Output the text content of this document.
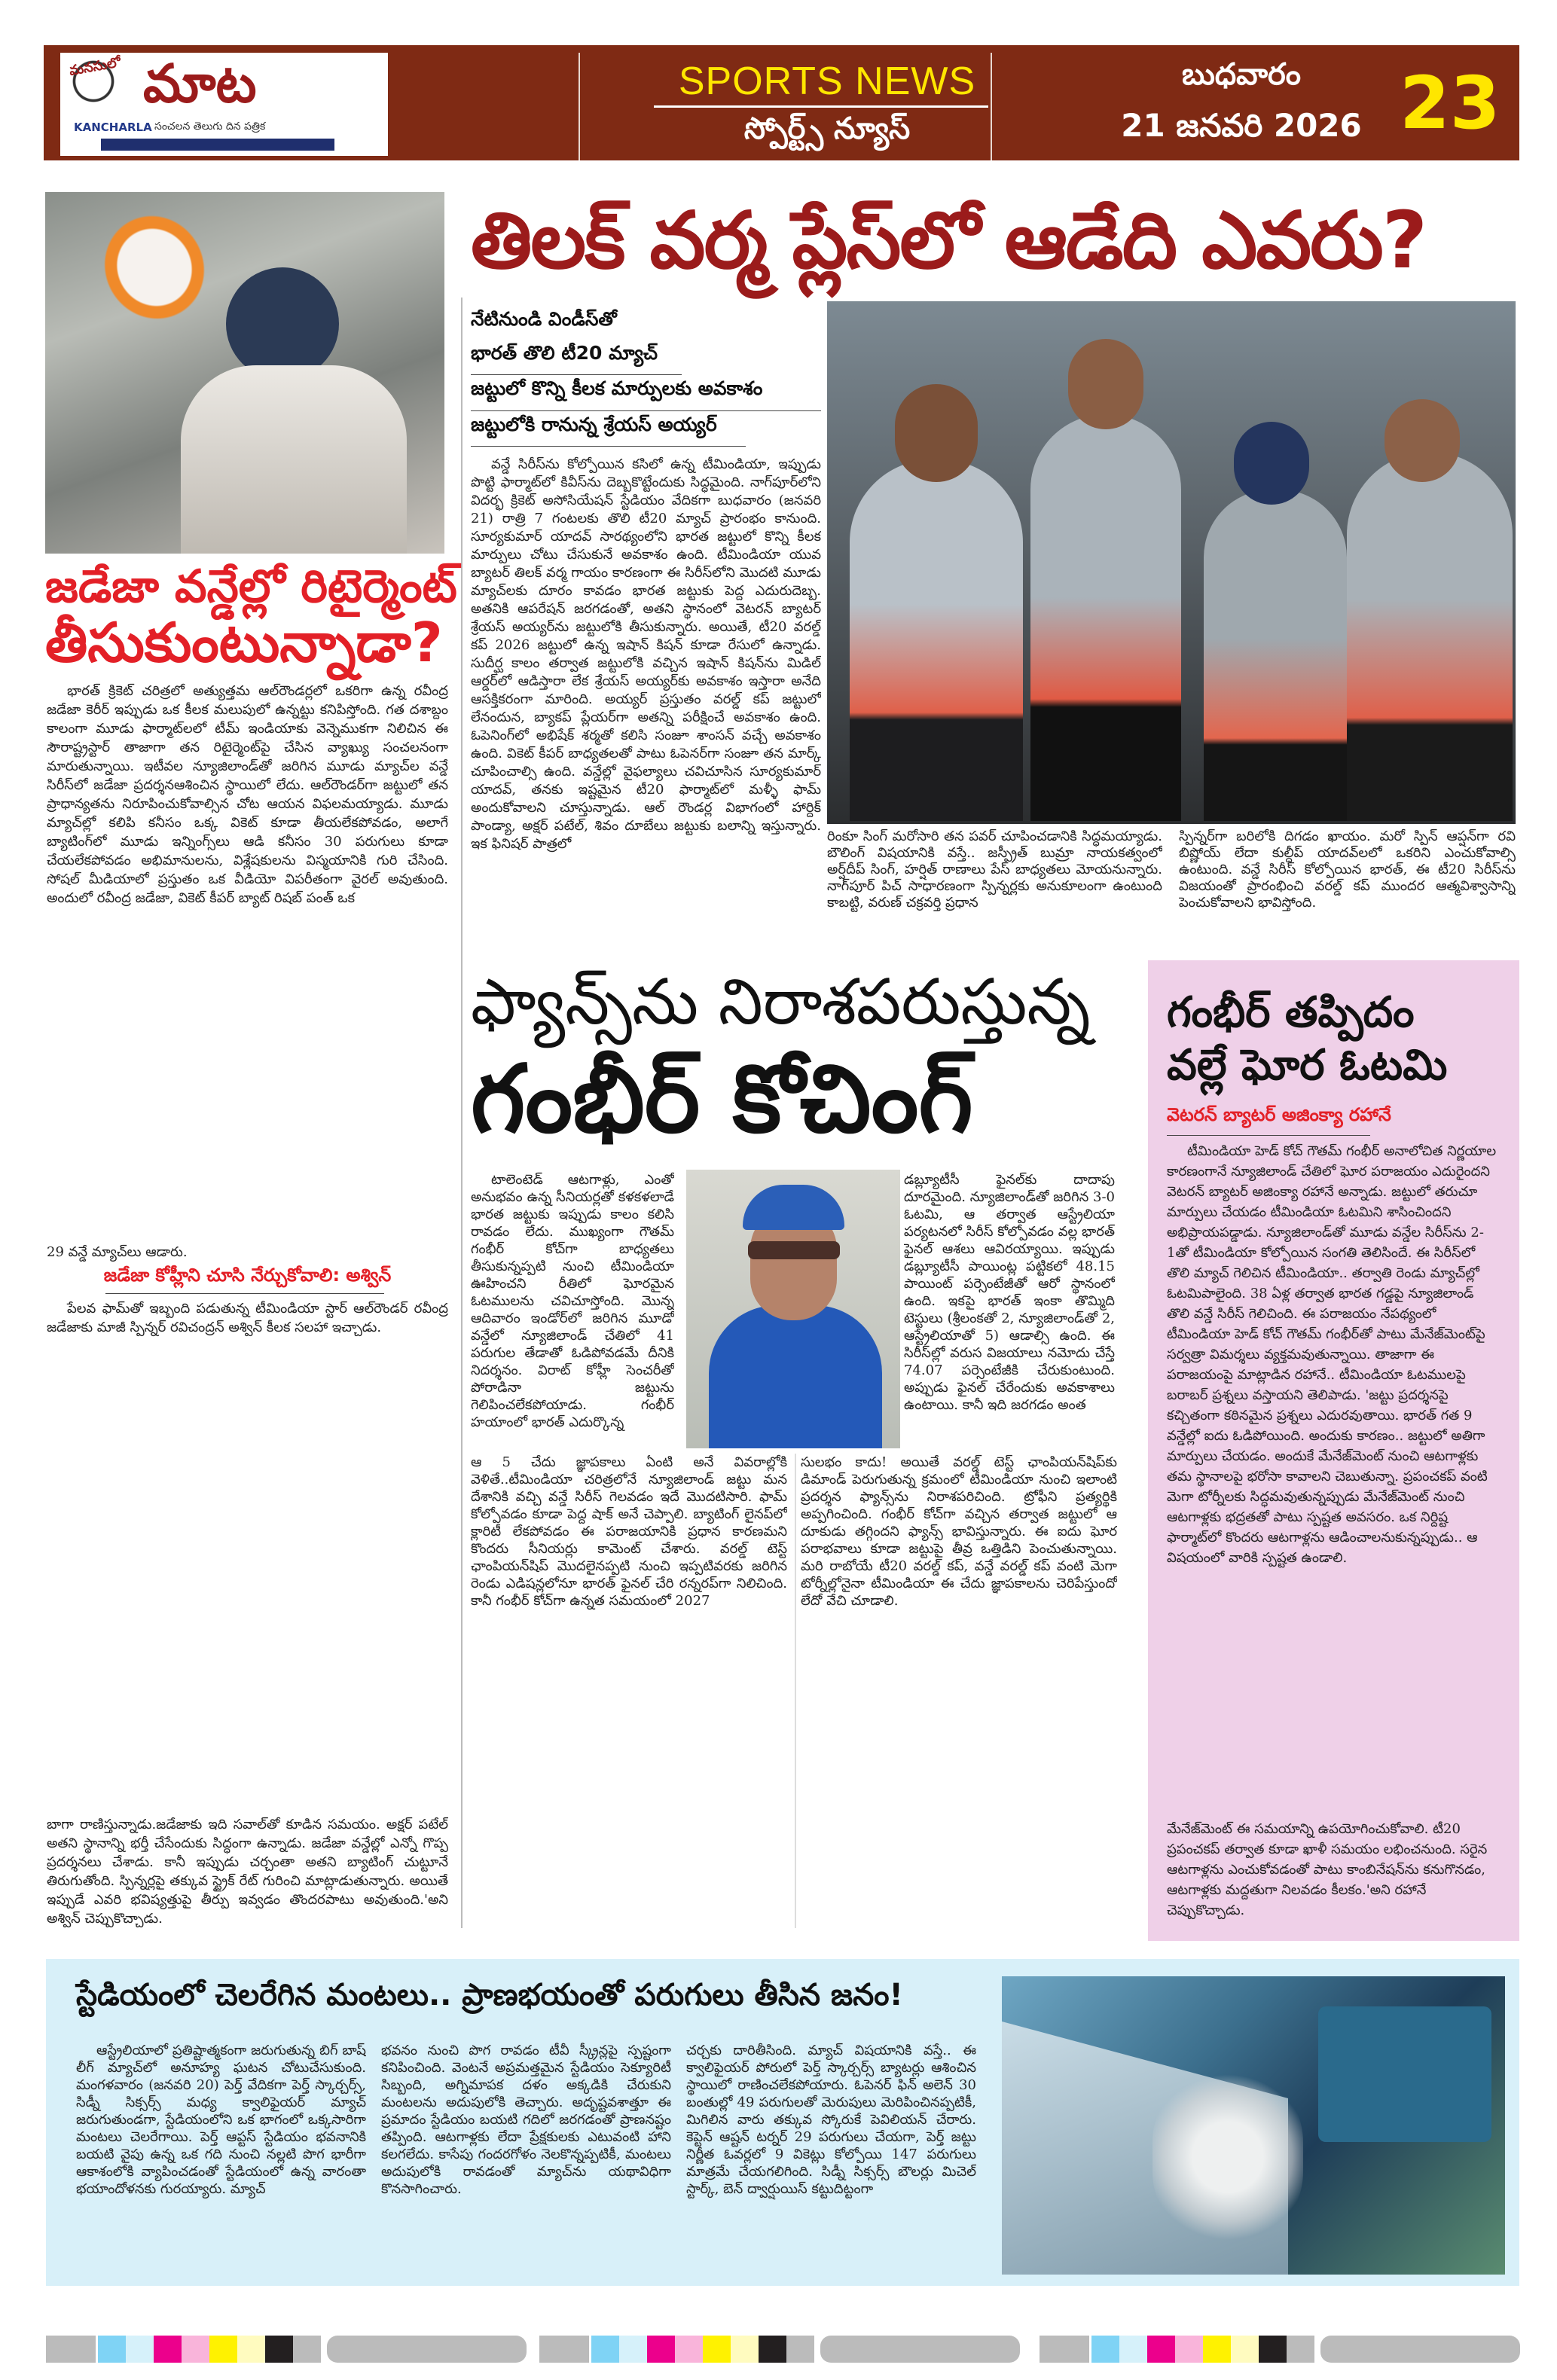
మనసులో మాట
KANCHARLA సంచలన తెలుగు దిన పత్రిక
SPORTS NEWS
స్పోర్ట్స్ న్యూస్
బుధవారం
21 జనవరి 2026 23
తిలక్ వర్మ ప్లేస్‌లో ఆడేది ఎవరు?
నేటినుండి విండీస్‌తో
భారత్ తొలి టీ20 మ్యాచ్
జట్టులో కొన్ని కీలక మార్పులకు అవకాశం
జట్టులోకి రానున్న శ్రేయస్ అయ్యర్

వన్డే సిరీస్‌ను కోల్పోయిన కసిలో ఉన్న టీమిండియా, ఇప్పుడు పొట్టి ఫార్మాట్‌లో కివీస్‌ను దెబ్బకొట్టేందుకు సిద్ధమైంది. నాగ్‌పూర్‌లోని విదర్భ క్రికెట్ అసోసియేషన్ స్టేడియం వేదికగా బుధవారం (జనవరి 21) రాత్రి 7 గంటలకు తొలి టీ20 మ్యాచ్ ప్రారంభం కానుంది. సూర్యకుమార్ యాదవ్ సారథ్యంలోని భారత జట్టులో కొన్ని కీలక మార్పులు చోటు చేసుకునే అవకాశం ఉంది. టీమిండియా యువ బ్యాటర్ తిలక్ వర్మ గాయం కారణంగా ఈ సిరీస్‌లోని మొదటి మూడు మ్యాచ్‌లకు దూరం కావడం భారత జట్టుకు పెద్ద ఎదురుదెబ్బ. అతనికి ఆపరేషన్ జరగడంతో, అతని స్థానంలో వెటరన్ బ్యాటర్ శ్రేయస్ అయ్యర్‌ను జట్టులోకి తీసుకున్నారు. అయితే, టీ20 వరల్డ్ కప్ 2026 జట్టులో ఉన్న ఇషాన్ కిషన్ కూడా రేసులో ఉన్నాడు. సుదీర్ఘ కాలం తర్వాత జట్టులోకి వచ్చిన ఇషాన్ కిషన్‌ను మిడిల్ ఆర్డర్‌లో ఆడిస్తారా లేక శ్రేయస్ అయ్యర్‌కు అవకాశం ఇస్తారా అనేది ఆసక్తికరంగా మారింది. అయ్యర్ ప్రస్తుతం వరల్డ్ కప్ జట్టులో లేనందున, బ్యాకప్ ప్లేయర్‌గా అతన్ని పరీక్షించే అవకాశం ఉంది. ఓపెనింగ్‌లో అభిషేక్ శర్మతో కలిసి సంజూ శాంసన్ వచ్చే అవకాశం ఉంది. వికెట్ కీపర్ బాధ్యతలతో పాటు ఓపెనర్‌గా సంజూ తన మార్క్ చూపించాల్సి ఉంది. వన్డేల్లో వైఫల్యాలు చవిచూసిన సూర్యకుమార్ యాదవ్, తనకు ఇష్టమైన టీ20 ఫార్మాట్‌లో మళ్ళీ ఫామ్ అందుకోవాలని చూస్తున్నాడు. ఆల్ రౌండర్ల విభాగంలో హార్దిక్ పాండ్యా, అక్షర్ పటేల్, శివం దూబేలు జట్టుకు బలాన్ని ఇస్తున్నారు. ఇక ఫినిషర్ పాత్రలో	రింకూ సింగ్ మరోసారి తన పవర్ చూపించడానికి సిద్ధమయ్యాడు. బౌలింగ్ విషయానికి వస్తే.. జస్ప్రీత్ బుమ్రా నాయకత్వంలో అర్ష్‌దీప్ సింగ్, హర్షిత్ రాణాలు పేస్ బాధ్యతలు మోయనున్నారు. నాగ్‌పూర్ పిచ్ సాధారణంగా స్పిన్నర్లకు అనుకూలంగా ఉంటుంది కాబట్టి, వరుణ్ చక్రవర్తి ప్రధాన

స్పిన్నర్‌గా బరిలోకి దిగడం ఖాయం. మరో స్పిన్ ఆప్షన్‌గా రవి బిష్ణోయ్ లేదా కుల్దీప్ యాదవ్‌లలో ఒకరిని ఎంచుకోవాల్సి ఉంటుంది. వన్డే సిరీస్ కోల్పోయిన భారత్, ఈ టీ20 సిరీస్‌ను విజయంతో ప్రారంభించి వరల్డ్ కప్ ముందర ఆత్మవిశ్వాసాన్ని పెంచుకోవాలని భావిస్తోంది.

జడేజా వన్డేల్లో రిటైర్మెంట్
తీసుకుంటున్నాడా?

భారత్ క్రికెట్ చరిత్రలో అత్యుత్తమ ఆల్‌రౌండర్లలో ఒకరిగా ఉన్న రవీంద్ర జడేజా కెరీర్ ఇప్పుడు ఒక కీలక మలుపులో ఉన్నట్టు కనిపిస్తోంది. గత దశాబ్దం కాలంగా మూడు ఫార్మాట్‌లలో టీమ్ ఇండియాకు వెన్నెముకగా నిలిచిన ఈ సౌరాష్ట్రస్టార్ తాజాగా తన రిటైర్మెంట్‌పై చేసిన వ్యాఖ్యు సంచలనంగా మారుతున్నాయి. ఇటీవల న్యూజిలాండ్‌తో జరిగిన మూడు మ్యాచ్‌ల వన్డే సిరీస్‌లో జడేజా ప్రదర్శనఆశించిన స్థాయిలో లేదు. ఆల్‌రౌండర్‌గా జట్టులో తన ప్రాధాన్యతను నిరూపించుకోవాల్సిన చోట ఆయన విఫలమయ్యాడు. మూడు మ్యాచ్‌ల్లో కలిపి కనీసం ఒక్క వికెట్ కూడా తీయలేకపోవడం, అలాగే బ్యాటింగ్‌లో మూడు ఇన్నింగ్స్‌లు ఆడి కనీసం 30 పరుగులు కూడా చేయలేకపోవడం అభిమానులను, విశ్లేషకులను విస్మయానికి గురి చేసింది. సోషల్ మీడియాలో ప్రస్తుతం ఒక వీడియో విపరీతంగా వైరల్ అవుతుంది. అందులో రవీంద్ర జడేజా, వికెట్ కీపర్ బ్యాట్ రిషబ్ పంత్ ఒక

29 వన్డే మ్యాచ్‌లు ఆడారు.

జడేజా కోహ్లీని చూసి నేర్చుకోవాలి: అశ్విన్

పేలవ ఫామ్‌తో ఇబ్బంది పడుతున్న టీమిండియా స్టార్ ఆల్‌రౌండర్ రవీంద్ర జడేజాకు మాజీ స్పిన్నర్ రవిచంద్రన్ అశ్విన్ కీలక సలహా ఇచ్చాడు.

బాగా రాణిస్తున్నాడు.జడేజాకు ఇది సవాల్‌తో కూడిన సమయం. అక్షర్ పటేల్ అతని స్థానాన్ని భర్తీ చేసేందుకు సిద్ధంగా ఉన్నాడు. జడేజా వన్డేల్లో ఎన్నో గొప్ప ప్రదర్శనలు చేశాడు. కానీ ఇప్పుడు చర్చంతా అతని బ్యాటింగ్ చుట్టూనే తిరుగుతోంది. స్పిన్నర్లపై తక్కువ స్ట్రైక్ రేట్ గురించి మాట్లాడుతున్నారు. అయితే ఇప్పుడే ఎవరి భవిష్యత్తుపై తీర్పు ఇవ్వడం తొందరపాటు అవుతుంది.'అని అశ్విన్ చెప్పుకొచ్చాడు.

ఫ్యాన్స్‌ను నిరాశపరుస్తున్న
గంభీర్ కోచింగ్

టాలెంటెడ్ ఆటగాళ్లు, ఎంతో అనుభవం ఉన్న సీనియర్లతో కళకళలాడే భారత జట్టుకు ఇప్పుడు కాలం కలిసి రావడం లేదు. ముఖ్యంగా గౌతమ్ గంభీర్ కోచ్‌గా బాధ్యతలు తీసుకున్నప్పటి నుంచి టీమిండియా ఊహించని రీతిలో ఘోరమైన ఓటములను చవిచూస్తోంది. మొన్న ఆదివారం ఇండోర్‌లో జరిగిన మూడో వన్డేలో న్యూజిలాండ్ చేతిలో 41 పరుగుల తేడాతో ఓడిపోవడమే దీనికి నిదర్శనం. విరాట్ కోహ్లీ సెంచరీతో పోరాడినా జట్టును గెలిపించలేకపోయాడు. గంభీర్ హయాంలో భారత్ ఎదుర్కొన్న

డబ్ల్యూటీసీ ఫైనల్‌కు దాదాపు దూరమైంది. న్యూజిలాండ్‌తో జరిగిన 3-0 ఓటమి, ఆ తర్వాత ఆస్ట్రేలియా పర్యటనలో సిరీస్ కోల్పోవడం వల్ల భారత్ ఫైనల్ ఆశలు ఆవిరయ్యాయి. ఇప్పుడు డబ్ల్యూటీసీ పాయింట్ల పట్టికలో 48.15 పాయింట్ పర్సెంటేజీతో ఆరో స్థానంలో ఉంది. ఇకపై భారత్ ఇంకా తొమ్మిది టెస్టులు (శ్రీలంకతో 2, న్యూజిలాండ్‌తో 2, ఆస్ట్రేలియాతో 5) ఆడాల్సి ఉంది. ఈ సిరీస్‌ల్లో వరుస విజయాలు నమోదు చేస్తే 74.07 పర్సెంటేజీకి చేరుకుంటుంది. అప్పుడు ఫైనల్ చేరేందుకు అవకాశాలు ఉంటాయి. కానీ ఇది జరగడం అంత

ఆ 5 చేదు జ్ఞాపకాలు ఏంటి అనే వివరాల్లోకి వెళితే..టీమిండియా చరిత్రలోనే న్యూజిలాండ్ జట్టు మన దేశానికి వచ్చి వన్డే సిరీస్ గెలవడం ఇదే మొదటిసారి. ఫామ్ కోల్పోవడం కూడా పెద్ద షాక్ అనే చెప్పాలి. బ్యాటింగ్ లైనప్‌లో క్లారిటీ లేకపోవడం ఈ పరాజయానికి ప్రధాన కారణమని కొందరు సీనియర్లు కామెంట్ చేశారు. వరల్డ్ టెస్ట్ ఛాంపియన్‌షిప్ మొదలైనప్పటి నుంచి ఇప్పటివరకు జరిగిన రెండు ఎడిషన్లలోనూ భారత్ ఫైనల్ చేరి రన్నరప్‌గా నిలిచింది. కానీ గంభీర్ కోచ్‌గా ఉన్నత సమయంలో 2027

సులభం కాదు! అయితే వరల్డ్ టెస్ట్ ఛాంపియన్‌షిప్‌కు డిమాండ్ పెరుగుతున్న క్రమంలో టీమిండియా నుంచి ఇలాంటి ప్రదర్శన ఫ్యాన్స్‌ను నిరాశపరిచింది. ట్రోఫీని ప్రత్యర్థికి అప్పగించింది. గంభీర్ కోచ్‌గా వచ్చిన తర్వాత జట్టులో ఆ దూకుడు తగ్గిందని ఫ్యాన్స్ భావిస్తున్నారు. ఈ ఐదు ఘోర పరాభవాలు కూడా జట్టుపై తీవ్ర ఒత్తిడిని పెంచుతున్నాయి. మరి రాబోయే టీ20 వరల్డ్ కప్, వన్డే వరల్డ్ కప్ వంటి మెగా టోర్నీల్లోనైనా టీమిండియా ఈ చేదు జ్ఞాపకాలను చెరిపేస్తుందో లేదో వేచి చూడాలి.

గంభీర్ తప్పిదం
వల్లే ఘోర ఓటమి
వెటరన్ బ్యాటర్ అజింక్యా రహానే

టీమిండియా హెడ్ కోచ్ గౌతమ్ గంభీర్ అనాలోచిత నిర్ణయాల కారణంగానే న్యూజిలాండ్ చేతిలో ఘోర పరాజయం ఎదురైందని వెటరన్ బ్యాటర్ అజింక్యా రహానే అన్నాడు. జట్టులో తరుచూ మార్పులు చేయడం టీమిండియా ఓటమిని శాసించిందని అభిప్రాయపడ్డాడు. న్యూజిలాండ్‌తో మూడు వన్డేల సిరీస్‌ను 2-1తో టీమిండియా కోల్పోయిన సంగతి తెలిసిందే. ఈ సిరీస్‌లో తొలి మ్యాచ్ గెలిచిన టీమిండియా.. తర్వాతి రెండు మ్యాచ్‌ల్లో ఓటమిపాలైంది. 38 ఏళ్ల తర్వాత భారత గడ్డపై న్యూజిలాండ్ తొలి వన్డే సిరీస్ గెలిచింది. ఈ పరాజయం నేపథ్యంలో టీమిండియా హెడ్ కోచ్ గౌతమ్ గంభీర్‌తో పాటు మేనేజ్‌మెంట్‌పై సర్వత్రా విమర్శలు వ్యక్తమవుతున్నాయి. తాజాగా ఈ పరాజయంపై మాట్లాడిన రహానే.. టీమిండియా ఓటములపై బరాబర్ ప్రశ్నలు వస్తాయని తెలిపాడు. 'జట్టు ప్రదర్శనపై కచ్చితంగా కఠినమైన ప్రశ్నలు ఎదురవుతాయి. భారత్ గత 9 వన్డేల్లో ఐదు ఓడిపోయింది. అందుకు కారణం.. జట్టులో అతిగా మార్పులు చేయడం. అందుకే మేనేజ్‌మెంట్ నుంచి ఆటగాళ్లకు తమ స్థానాలపై భరోసా కావాలని చెబుతున్నా. ప్రపంచకప్ వంటి మెగా టోర్నీలకు సిద్ధమవుతున్నప్పుడు మేనేజ్‌మెంట్ నుంచి ఆటగాళ్లకు భద్రతతో పాటు స్పష్టత అవసరం. ఒక నిర్దిష్ట ఫార్మాట్‌లో కొందరు ఆటగాళ్లను ఆడించాలనుకున్నప్పుడు.. ఆ విషయంలో వారికి స్పష్టత ఉండాలి.

మేనేజ్‌మెంట్ ఈ సమయాన్ని ఉపయోగించుకోవాలి. టీ20 ప్రపంచకప్ తర్వాత కూడా ఖాళీ సమయం లభించనుంది. సరైన ఆటగాళ్లను ఎంచుకోవడంతో పాటు కాంబినేషన్‌ను కనుగొనడం, ఆటగాళ్లకు మద్దతుగా నిలవడం కీలకం.'అని రహానే చెప్పుకొచ్చాడు.

స్టేడియంలో చెలరేగిన మంటలు.. ప్రాణభయంతో పరుగులు తీసిన జనం!

ఆస్ట్రేలియాలో ప్రతిష్టాత్మకంగా జరుగుతున్న బిగ్ బాష్ లీగ్ మ్యాచ్‌లో అనూహ్య ఘటన చోటుచేసుకుంది. మంగళవారం (జనవరి 20) పెర్త్ వేదికగా పెర్త్ స్కార్చర్స్, సిడ్నీ సిక్సర్స్ మధ్య క్వాలిఫైయర్ మ్యాచ్ జరుగుతుండగా, స్టేడియంలోని ఒక భాగంలో ఒక్కసారిగా మంటలు చెలరేగాయి. పెర్త్ ఆప్టస్ స్టేడియం భవనానికి బయటి వైపు ఉన్న ఒక గది నుంచి నల్లటి పొగ భారీగా ఆకాశంలోకి వ్యాపించడంతో స్టేడియంలో ఉన్న వారంతా భయాందోళనకు గురయ్యారు. మ్యాచ్

భవనం నుంచి పొగ రావడం టీవీ స్క్రీన్లపై స్పష్టంగా కనిపించింది. వెంటనే అప్రమత్తమైన స్టేడియం సెక్యూరిటీ సిబ్బంది, అగ్నిమాపక దళం అక్కడికి చేరుకుని మంటలను అదుపులోకి తెచ్చారు. అదృష్టవశాత్తూ ఈ ప్రమాదం స్టేడియం బయటి గదిలో జరగడంతో ప్రాణనష్టం తప్పింది. ఆటగాళ్లకు లేదా ప్రేక్షకులకు ఎటువంటి హాని కలగలేదు. కాసేపు గందరగోళం నెలకొన్నప్పటికీ, మంటలు అదుపులోకి రావడంతో మ్యాచ్‌ను యథావిధిగా కొనసాగించారు.

చర్చకు దారితీసింది. మ్యాచ్ విషయానికి వస్తే.. ఈ క్వాలిఫైయర్ పోరులో పెర్త్ స్కార్చర్స్ బ్యాటర్లు ఆశించిన స్థాయిలో రాణించలేకపోయారు. ఓపెనర్ ఫిన్ అలెన్ 30 బంతుల్లో 49 పరుగులతో మెరుపులు మెరిపించినప్పటికీ, మిగిలిన వారు తక్కువ స్కోరుకే పెవిలియన్ చేరారు. కెప్టెన్ ఆష్టన్ టర్నర్ 29 పరుగులు చేయగా, పెర్త్ జట్టు నిర్ణీత ఓవర్లలో 9 వికెట్లు కోల్పోయి 147 పరుగులు మాత్రమే చేయగలిగింది. సిడ్నీ సిక్సర్స్ బౌలర్లు మిచెల్ స్టార్క్, బెన్ ద్వార్షుయిస్ కట్టుదిట్టంగా
